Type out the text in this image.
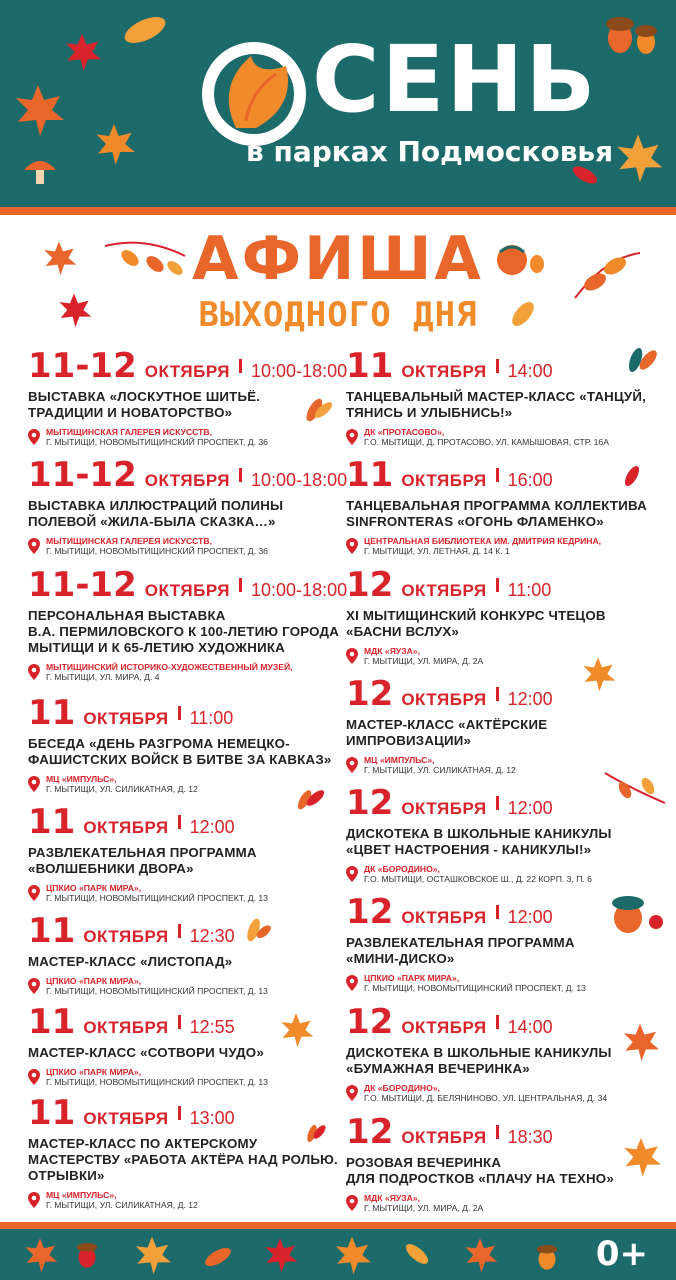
СЕНЬ
в парках Подмосковья
АФИША
ВЫХОДНОГО ДНЯ
11-12 ОКТЯБРЯ 10:00-18:00
ВЫСТАВКА «ЛОСКУТНОЕ ШИТЬЁ.
ТРАДИЦИИ И НОВАТОРСТВО»
МЫТИЩИНСКАЯ ГАЛЕРЕЯ ИСКУССТВ,
Г. МЫТИЩИ, НОВОМЫТИЩИНСКИЙ ПРОСПЕКТ, Д. 36
11-12 ОКТЯБРЯ 10:00-18:00
ВЫСТАВКА ИЛЛЮСТРАЦИЙ ПОЛИНЫ
ПОЛЕВОЙ «ЖИЛА-БЫЛА СКАЗКА…»
МЫТИЩИНСКАЯ ГАЛЕРЕЯ ИСКУССТВ,
Г. МЫТИЩИ, НОВОМЫТИЩИНСКИЙ ПРОСПЕКТ, Д. 36
11-12 ОКТЯБРЯ 10:00-18:00
ПЕРСОНАЛЬНАЯ ВЫСТАВКА
В.А. ПЕРМИЛОВСКОГО К 100-ЛЕТИЮ ГОРОДА
МЫТИЩИ И К 65-ЛЕТИЮ ХУДОЖНИКА
МЫТИЩИНСКИЙ ИСТОРИКО-ХУДОЖЕСТВЕННЫЙ МУЗЕЙ,
Г. МЫТИЩИ, УЛ. МИРА, Д. 4
11 ОКТЯБРЯ 11:00
БЕСЕДА «ДЕНЬ РАЗГРОМА НЕМЕЦКО-
ФАШИСТСКИХ ВОЙСК В БИТВЕ ЗА КАВКАЗ»
МЦ «ИМПУЛЬС»,
Г. МЫТИЩИ, УЛ. СИЛИКАТНАЯ, Д. 12
11 ОКТЯБРЯ 12:00
РАЗВЛЕКАТЕЛЬНАЯ ПРОГРАММА
«ВОЛШЕБНИКИ ДВОРА»
ЦПКИО «ПАРК МИРА»,
Г. МЫТИЩИ, НОВОМЫТИЩИНСКИЙ ПРОСПЕКТ, Д. 13
11 ОКТЯБРЯ 12:30
МАСТЕР-КЛАСС «ЛИСТОПАД»
ЦПКИО «ПАРК МИРА»,
Г. МЫТИЩИ, НОВОМЫТИЩИНСКИЙ ПРОСПЕКТ, Д. 13
11 ОКТЯБРЯ 12:55
МАСТЕР-КЛАСС «СОТВОРИ ЧУДО»
ЦПКИО «ПАРК МИРА»,
Г. МЫТИЩИ, НОВОМЫТИЩИНСКИЙ ПРОСПЕКТ, Д. 13
11 ОКТЯБРЯ 13:00
МАСТЕР-КЛАСС ПО АКТЕРСКОМУ
МАСТЕРСТВУ «РАБОТА АКТЁРА НАД РОЛЬЮ.
ОТРЫВКИ»
МЦ «ИМПУЛЬС»,
Г. МЫТИЩИ, УЛ. СИЛИКАТНАЯ, Д. 12
11 ОКТЯБРЯ 14:00
ТАНЦЕВАЛЬНЫЙ МАСТЕР-КЛАСС «ТАНЦУЙ,
ТЯНИСЬ И УЛЫБНИСЬ!»
ДК «ПРОТАСОВО»,
Г.О. МЫТИЩИ, Д. ПРОТАСОВО, УЛ. КАМЫШОВАЯ, СТР. 16А
11 ОКТЯБРЯ 16:00
ТАНЦЕВАЛЬНАЯ ПРОГРАММА КОЛЛЕКТИВА
SINFRONTERAS «ОГОНЬ ФЛАМЕНКО»
ЦЕНТРАЛЬНАЯ БИБЛИОТЕКА ИМ. ДМИТРИЯ КЕДРИНА,
Г. МЫТИЩИ, УЛ. ЛЕТНАЯ, Д. 14 К. 1
12 ОКТЯБРЯ 11:00
XI МЫТИЩИНСКИЙ КОНКУРС ЧТЕЦОВ
«БАСНИ ВСЛУХ»
МДК «ЯУЗА»,
Г. МЫТИЩИ, УЛ. МИРА, Д. 2А
12 ОКТЯБРЯ 12:00
МАСТЕР-КЛАСС «АКТЁРСКИЕ
ИМПРОВИЗАЦИИ»
МЦ «ИМПУЛЬС»,
Г. МЫТИЩИ, УЛ. СИЛИКАТНАЯ, Д. 12
12 ОКТЯБРЯ 12:00
ДИСКОТЕКА В ШКОЛЬНЫЕ КАНИКУЛЫ
«ЦВЕТ НАСТРОЕНИЯ - КАНИКУЛЫ!»
ДК «БОРОДИНО»,
Г.О. МЫТИЩИ, ОСТАШКОВСКОЕ Ш., Д. 22 КОРП. 3, П. 6
12 ОКТЯБРЯ 12:00
РАЗВЛЕКАТЕЛЬНАЯ ПРОГРАММА
«МИНИ-ДИСКО»
ЦПКИО «ПАРК МИРА»,
Г. МЫТИЩИ, НОВОМЫТИЩИНСКИЙ ПРОСПЕКТ, Д. 13
12 ОКТЯБРЯ 14:00
ДИСКОТЕКА В ШКОЛЬНЫЕ КАНИКУЛЫ
«БУМАЖНАЯ ВЕЧЕРИНКА»
ДК «БОРОДИНО»,
Г.О. МЫТИЩИ, Д. БЕЛЯНИНОВО, УЛ. ЦЕНТРАЛЬНАЯ, Д. 34
12 ОКТЯБРЯ 18:30
РОЗОВАЯ ВЕЧЕРИНКА
ДЛЯ ПОДРОСТКОВ «ПЛАЧУ НА ТЕХНО»
МДК «ЯУЗА»,
Г. МЫТИЩИ, УЛ. МИРА, Д. 2А
0+
